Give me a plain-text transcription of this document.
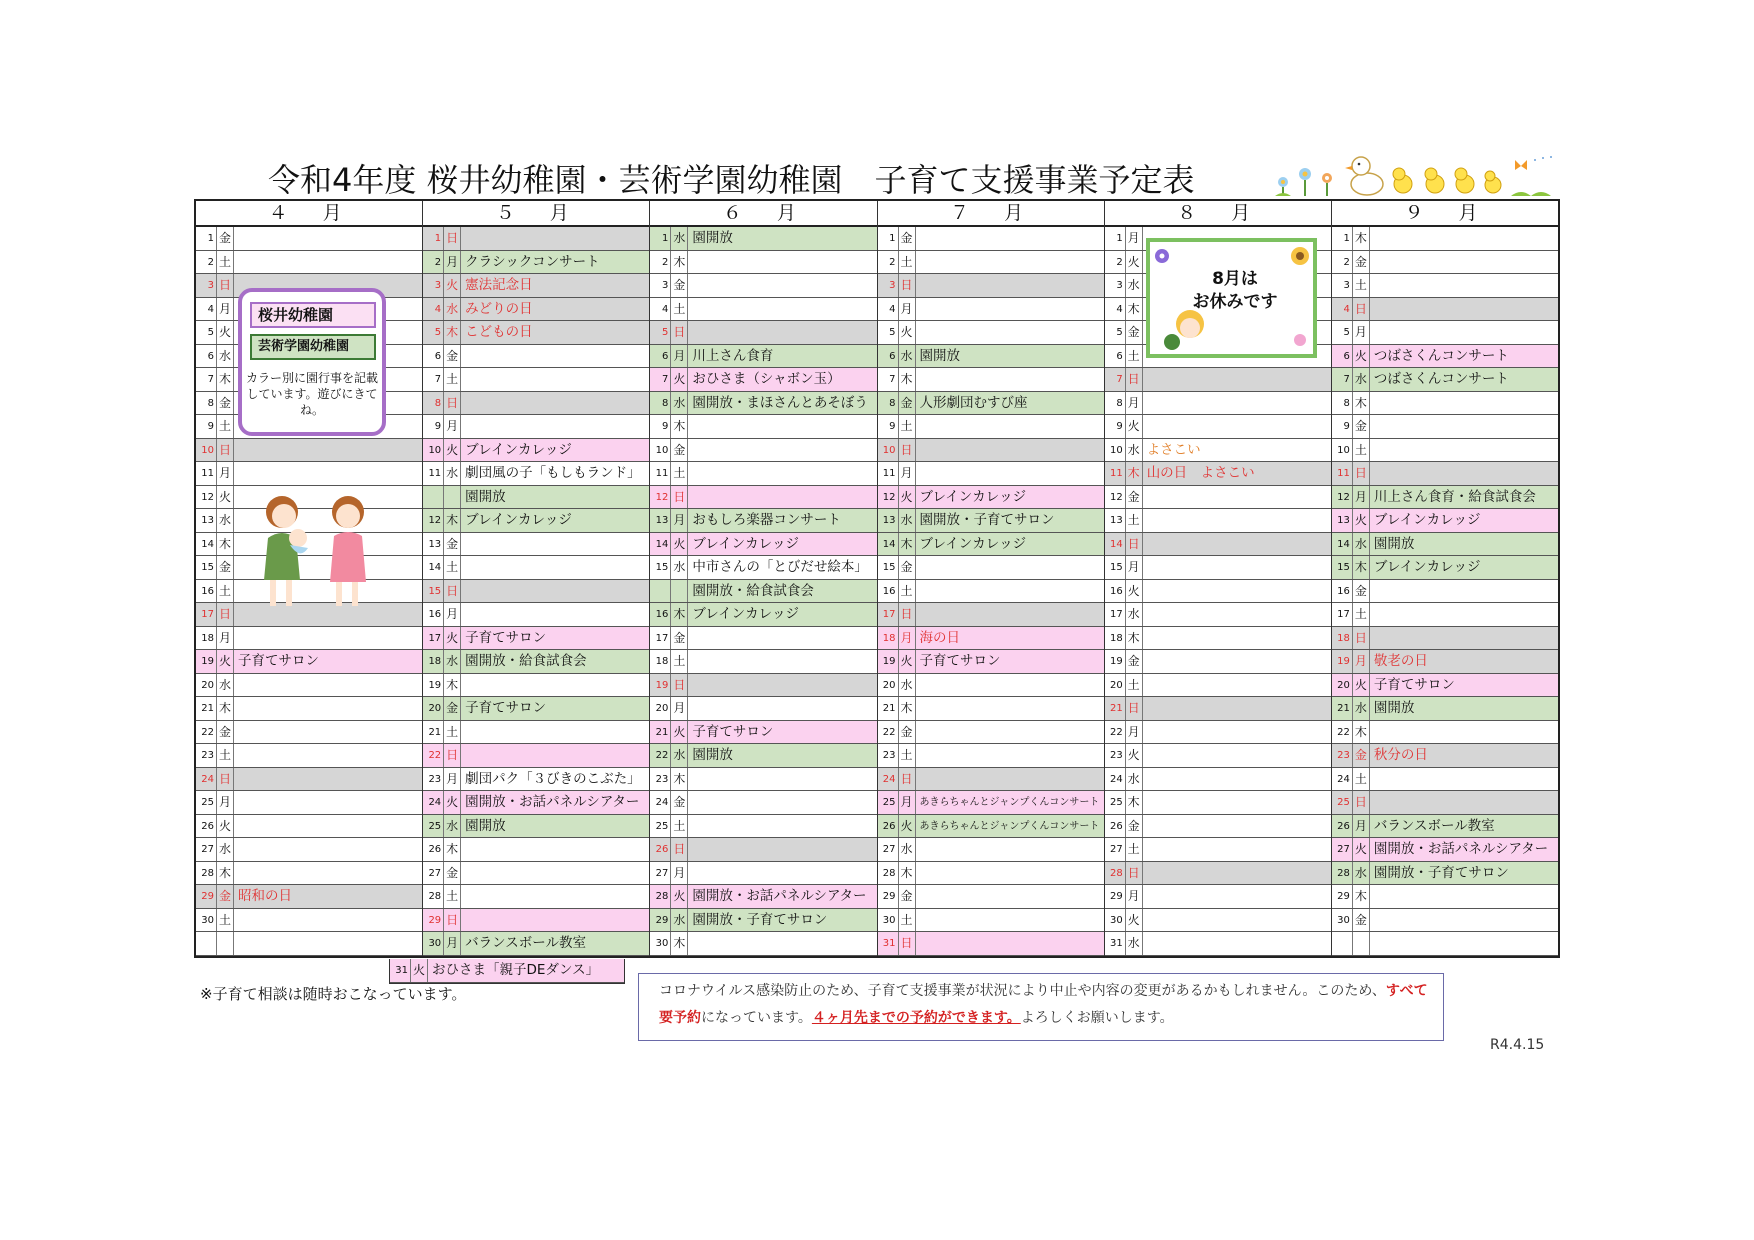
令和4年度 桜井幼稚園・芸術学園幼稚園　子育て支援事業予定表
４　月
1 金
2 土
3 日
4 月
5 火
6 水
7 木
8 金
9 土
10 日
11 月
12 火
13 水
14 木
15 金
16 土
17 日
18 月
19 火 子育てサロン
20 水
21 木
22 金
23 土
24 日
25 月
26 火
27 水
28 木
29 金 昭和の日
30 土
５　月
1 日
2 月 クラシックコンサート
3 火 憲法記念日
4 水 みどりの日
5 木 こどもの日
6 金
7 土
8 日
9 月
10 火 ブレインカレッジ
11 水 劇団風の子「もしもランド」
園開放
12 木 ブレインカレッジ
13 金
14 土
15 日
16 月
17 火 子育てサロン
18 水 園開放・給食試食会
19 木
20 金 子育てサロン
21 土
22 日
23 月 劇団パク「３びきのこぶた」
24 火 園開放・お話パネルシアター
25 水 園開放
26 木
27 金
28 土
29 日
30 月 バランスボール教室
６　月
1 水 園開放
2 木
3 金
4 土
5 日
6 月 川上さん食育
7 火 おひさま（シャボン玉）
8 水 園開放・まほさんとあそぼう
9 木
10 金
11 土
12 日
13 月 おもしろ楽器コンサート
14 火 ブレインカレッジ
15 水 中市さんの「とびだせ絵本」
園開放・給食試食会
16 木 ブレインカレッジ
17 金
18 土
19 日
20 月
21 火 子育てサロン
22 水 園開放
23 木
24 金
25 土
26 日
27 月
28 火 園開放・お話パネルシアター
29 水 園開放・子育てサロン
30 木
７　月
1 金
2 土
3 日
4 月
5 火
6 水 園開放
7 木
8 金 人形劇団むすび座
9 土
10 日
11 月
12 火 ブレインカレッジ
13 水 園開放・子育てサロン
14 木 ブレインカレッジ
15 金
16 土
17 日
18 月 海の日
19 火 子育てサロン
20 水
21 木
22 金
23 土
24 日
25 月 あきらちゃんとジャンプくんコンサート
26 火 あきらちゃんとジャンプくんコンサート
27 水
28 木
29 金
30 土
31 日
８　月
1 月
2 火
3 水
4 木
5 金
6 土
7 日
8 月
9 火
10 水 よさこい
11 木 山の日　よさこい
12 金
13 土
14 日
15 月
16 火
17 水
18 木
19 金
20 土
21 日
22 月
23 火
24 水
25 木
26 金
27 土
28 日
29 月
30 火
31 水
９　月
1 木
2 金
3 土
4 日
5 月
6 火 つばさくんコンサート
7 水 つばさくんコンサート
8 木
9 金
10 土
11 日
12 月 川上さん食育・給食試食会
13 火 ブレインカレッジ
14 水 園開放
15 木 ブレインカレッジ
16 金
17 土
18 日
19 月 敬老の日
20 火 子育てサロン
21 水 園開放
22 木
23 金 秋分の日
24 土
25 日
26 月 バランスボール教室
27 火 園開放・お話パネルシアター
28 水 園開放・子育てサロン
29 木
30 金
31 火 おひさま「親子DEダンス」
桜井幼稚園
芸術学園幼稚園
カラー別に園行事を記載しています。遊びにきてね。
8月は
お休みです
※子育て相談は随時おこなっています。	コロナウイルス感染防止のため、子育て支援事業が状況により中止や内容の変更があるかもしれません。このため、すべて要予約になっています。４ヶ月先までの予約ができます。よろしくお願いします。
R4.4.15
